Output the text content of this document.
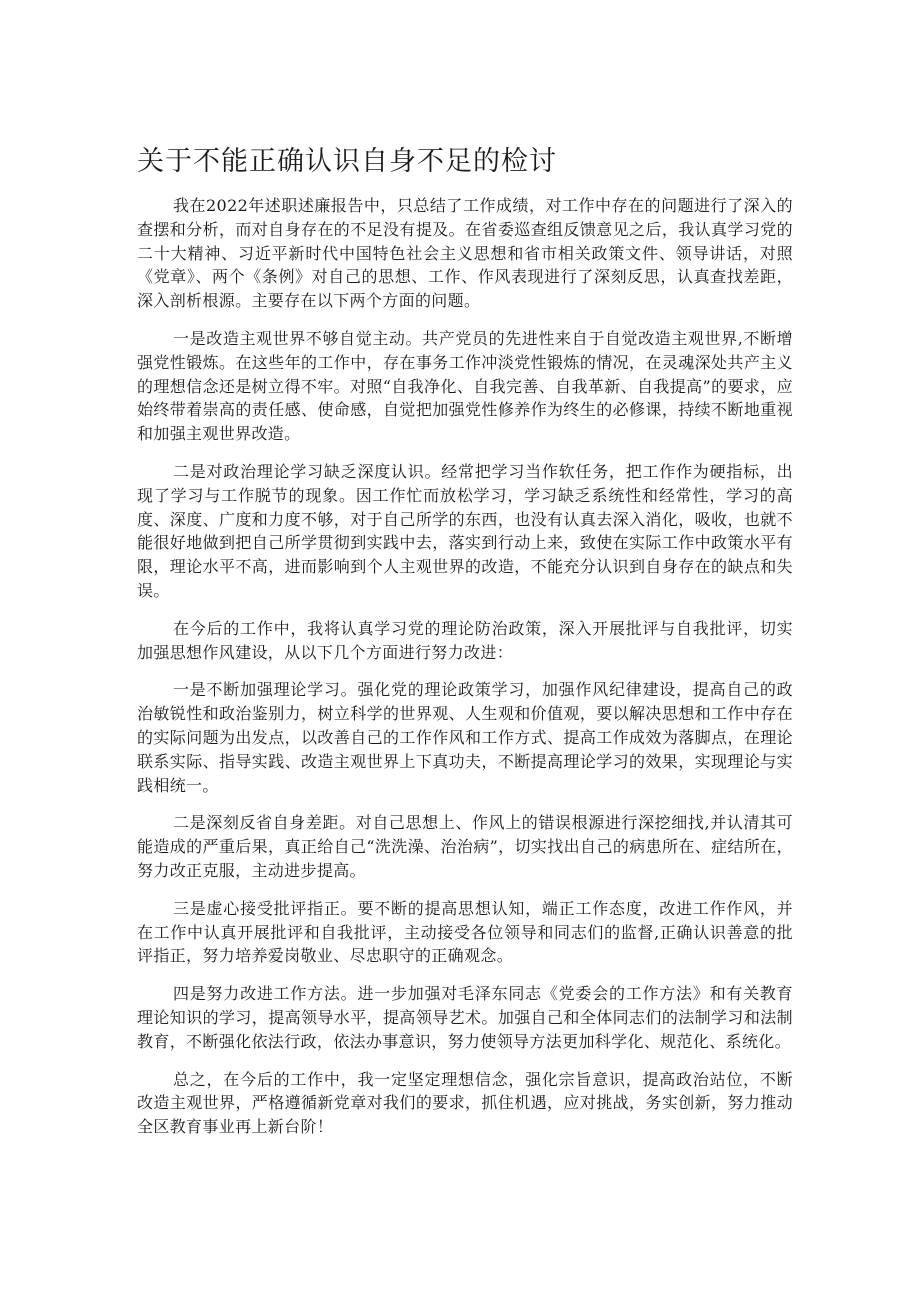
关于不能正确认识自身不足的检讨

我在2022年述职述廉报告中，只总结了工作成绩，对工作中存在的问题进行了深入的查摆和分析，而对自身存在的不足没有提及。在省委巡查组反馈意见之后，我认真学习党的二十大精神、习近平新时代中国特色社会主义思想和省市相关政策文件、领导讲话，对照《党章》、两个《条例》对自己的思想、工作、作风表现进行了深刻反思，认真查找差距，深入剖析根源。主要存在以下两个方面的问题。

一是改造主观世界不够自觉主动。共产党员的先进性来自于自觉改造主观世界,不断增强党性锻炼。在这些年的工作中，存在事务工作冲淡党性锻炼的情况，在灵魂深处共产主义的理想信念还是树立得不牢。对照“自我净化、自我完善、自我革新、自我提高”的要求，应始终带着崇高的责任感、使命感，自觉把加强党性修养作为终生的必修课，持续不断地重视和加强主观世界改造。

二是对政治理论学习缺乏深度认识。经常把学习当作软任务，把工作作为硬指标，出现了学习与工作脱节的现象。因工作忙而放松学习，学习缺乏系统性和经常性，学习的高度、深度、广度和力度不够，对于自己所学的东西，也没有认真去深入消化，吸收，也就不能很好地做到把自己所学贯彻到实践中去，落实到行动上来，致使在实际工作中政策水平有限，理论水平不高，进而影响到个人主观世界的改造，不能充分认识到自身存在的缺点和失误。

在今后的工作中，我将认真学习党的理论防治政策，深入开展批评与自我批评，切实加强思想作风建设，从以下几个方面进行努力改进：

一是不断加强理论学习。强化党的理论政策学习，加强作风纪律建设，提高自己的政治敏锐性和政治鉴别力，树立科学的世界观、人生观和价值观，要以解决思想和工作中存在的实际问题为出发点，以改善自己的工作作风和工作方式、提高工作成效为落脚点，在理论联系实际、指导实践、改造主观世界上下真功夫，不断提高理论学习的效果，实现理论与实践相统一。

二是深刻反省自身差距。对自己思想上、作风上的错误根源进行深挖细找,并认清其可能造成的严重后果，真正给自己“洗洗澡、治治病”，切实找出自己的病患所在、症结所在，努力改正克服，主动进步提高。

三是虚心接受批评指正。要不断的提高思想认知，端正工作态度，改进工作作风，并在工作中认真开展批评和自我批评，主动接受各位领导和同志们的监督,正确认识善意的批评指正，努力培养爱岗敬业、尽忠职守的正确观念。

四是努力改进工作方法。进一步加强对毛泽东同志《党委会的工作方法》和有关教育理论知识的学习，提高领导水平，提高领导艺术。加强自己和全体同志们的法制学习和法制教育，不断强化依法行政，依法办事意识，努力使领导方法更加科学化、规范化、系统化。

总之，在今后的工作中，我一定坚定理想信念，强化宗旨意识，提高政治站位，不断改造主观世界，严格遵循新党章对我们的要求，抓住机遇，应对挑战，务实创新，努力推动全区教育事业再上新台阶！
